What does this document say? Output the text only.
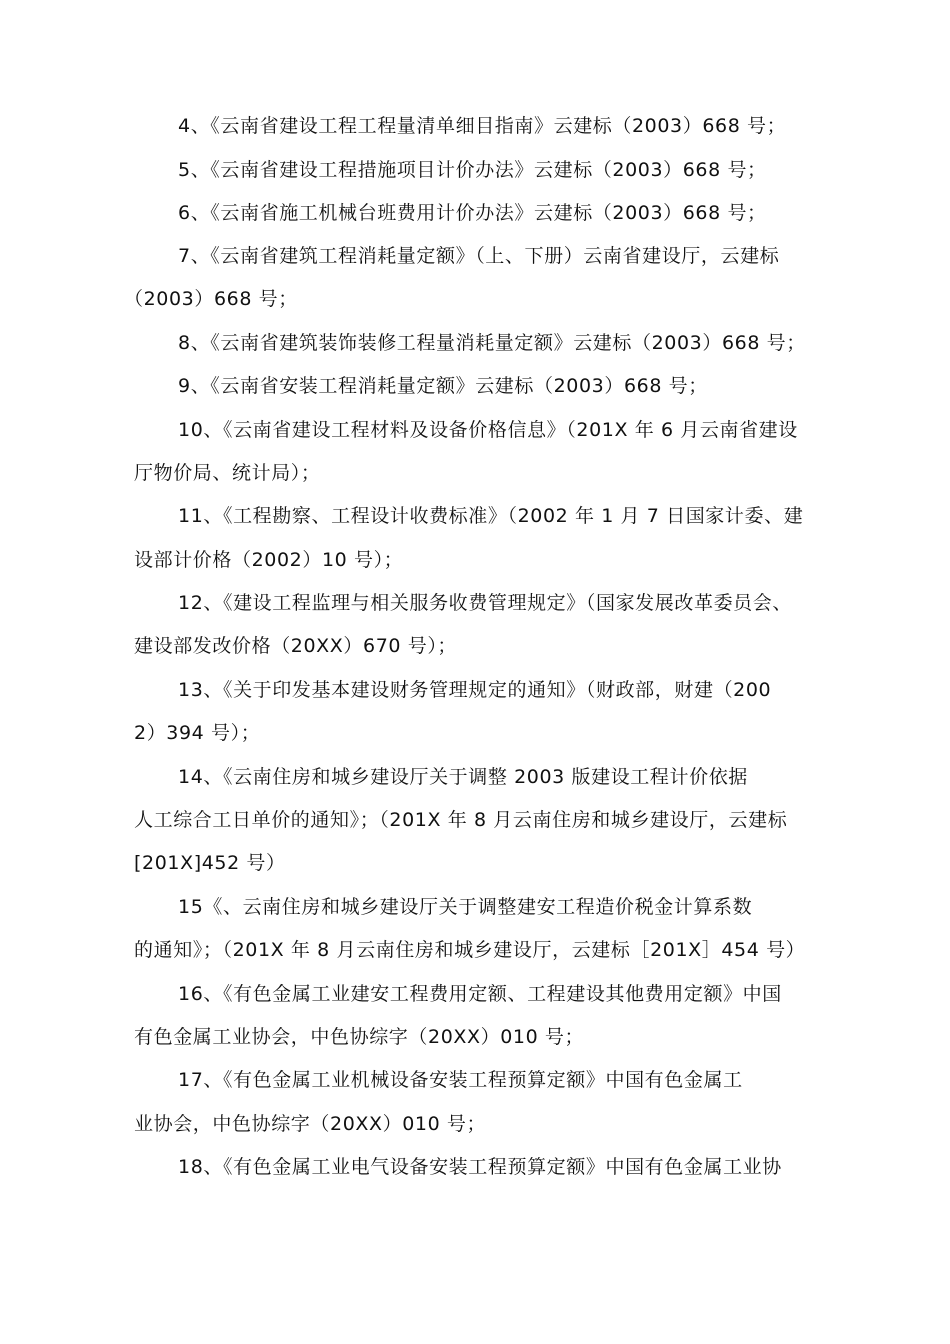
4、《云南省建设工程工程量清单细目指南》云建标（2003）668 号；
5、《云南省建设工程措施项目计价办法》云建标（2003）668 号；
6、《云南省施工机械台班费用计价办法》云建标（2003）668 号；
7、《云南省建筑工程消耗量定额》（上、下册）云南省建设厅，云建标
（2003）668 号；
8、《云南省建筑装饰装修工程量消耗量定额》云建标（2003）668 号；
9、《云南省安装工程消耗量定额》云建标（2003）668 号；
10、《云南省建设工程材料及设备价格信息》（201X 年 6 月云南省建设
厅物价局、统计局）；
11、《工程勘察、工程设计收费标准》（2002 年 1 月 7 日国家计委、建
设部计价格（2002）10 号）；
12、《建设工程监理与相关服务收费管理规定》（国家发展改革委员会、
建设部发改价格（20XX）670 号）；
13、《关于印发基本建设财务管理规定的通知》（财政部，财建（200
2）394 号）；
14、《云南住房和城乡建设厅关于调整 2003 版建设工程计价依据
人工综合工日单价的通知》；（201X 年 8 月云南住房和城乡建设厅，云建标
[201X]452 号）
15《、云南住房和城乡建设厅关于调整建安工程造价税金计算系数
的通知》；（201X 年 8 月云南住房和城乡建设厅，云建标［201X］454 号）
16、《有色金属工业建安工程费用定额、工程建设其他费用定额》中国
有色金属工业协会，中色协综字（20XX）010 号；
17、《有色金属工业机械设备安装工程预算定额》中国有色金属工
业协会，中色协综字（20XX）010 号；
18、《有色金属工业电气设备安装工程预算定额》中国有色金属工业协
